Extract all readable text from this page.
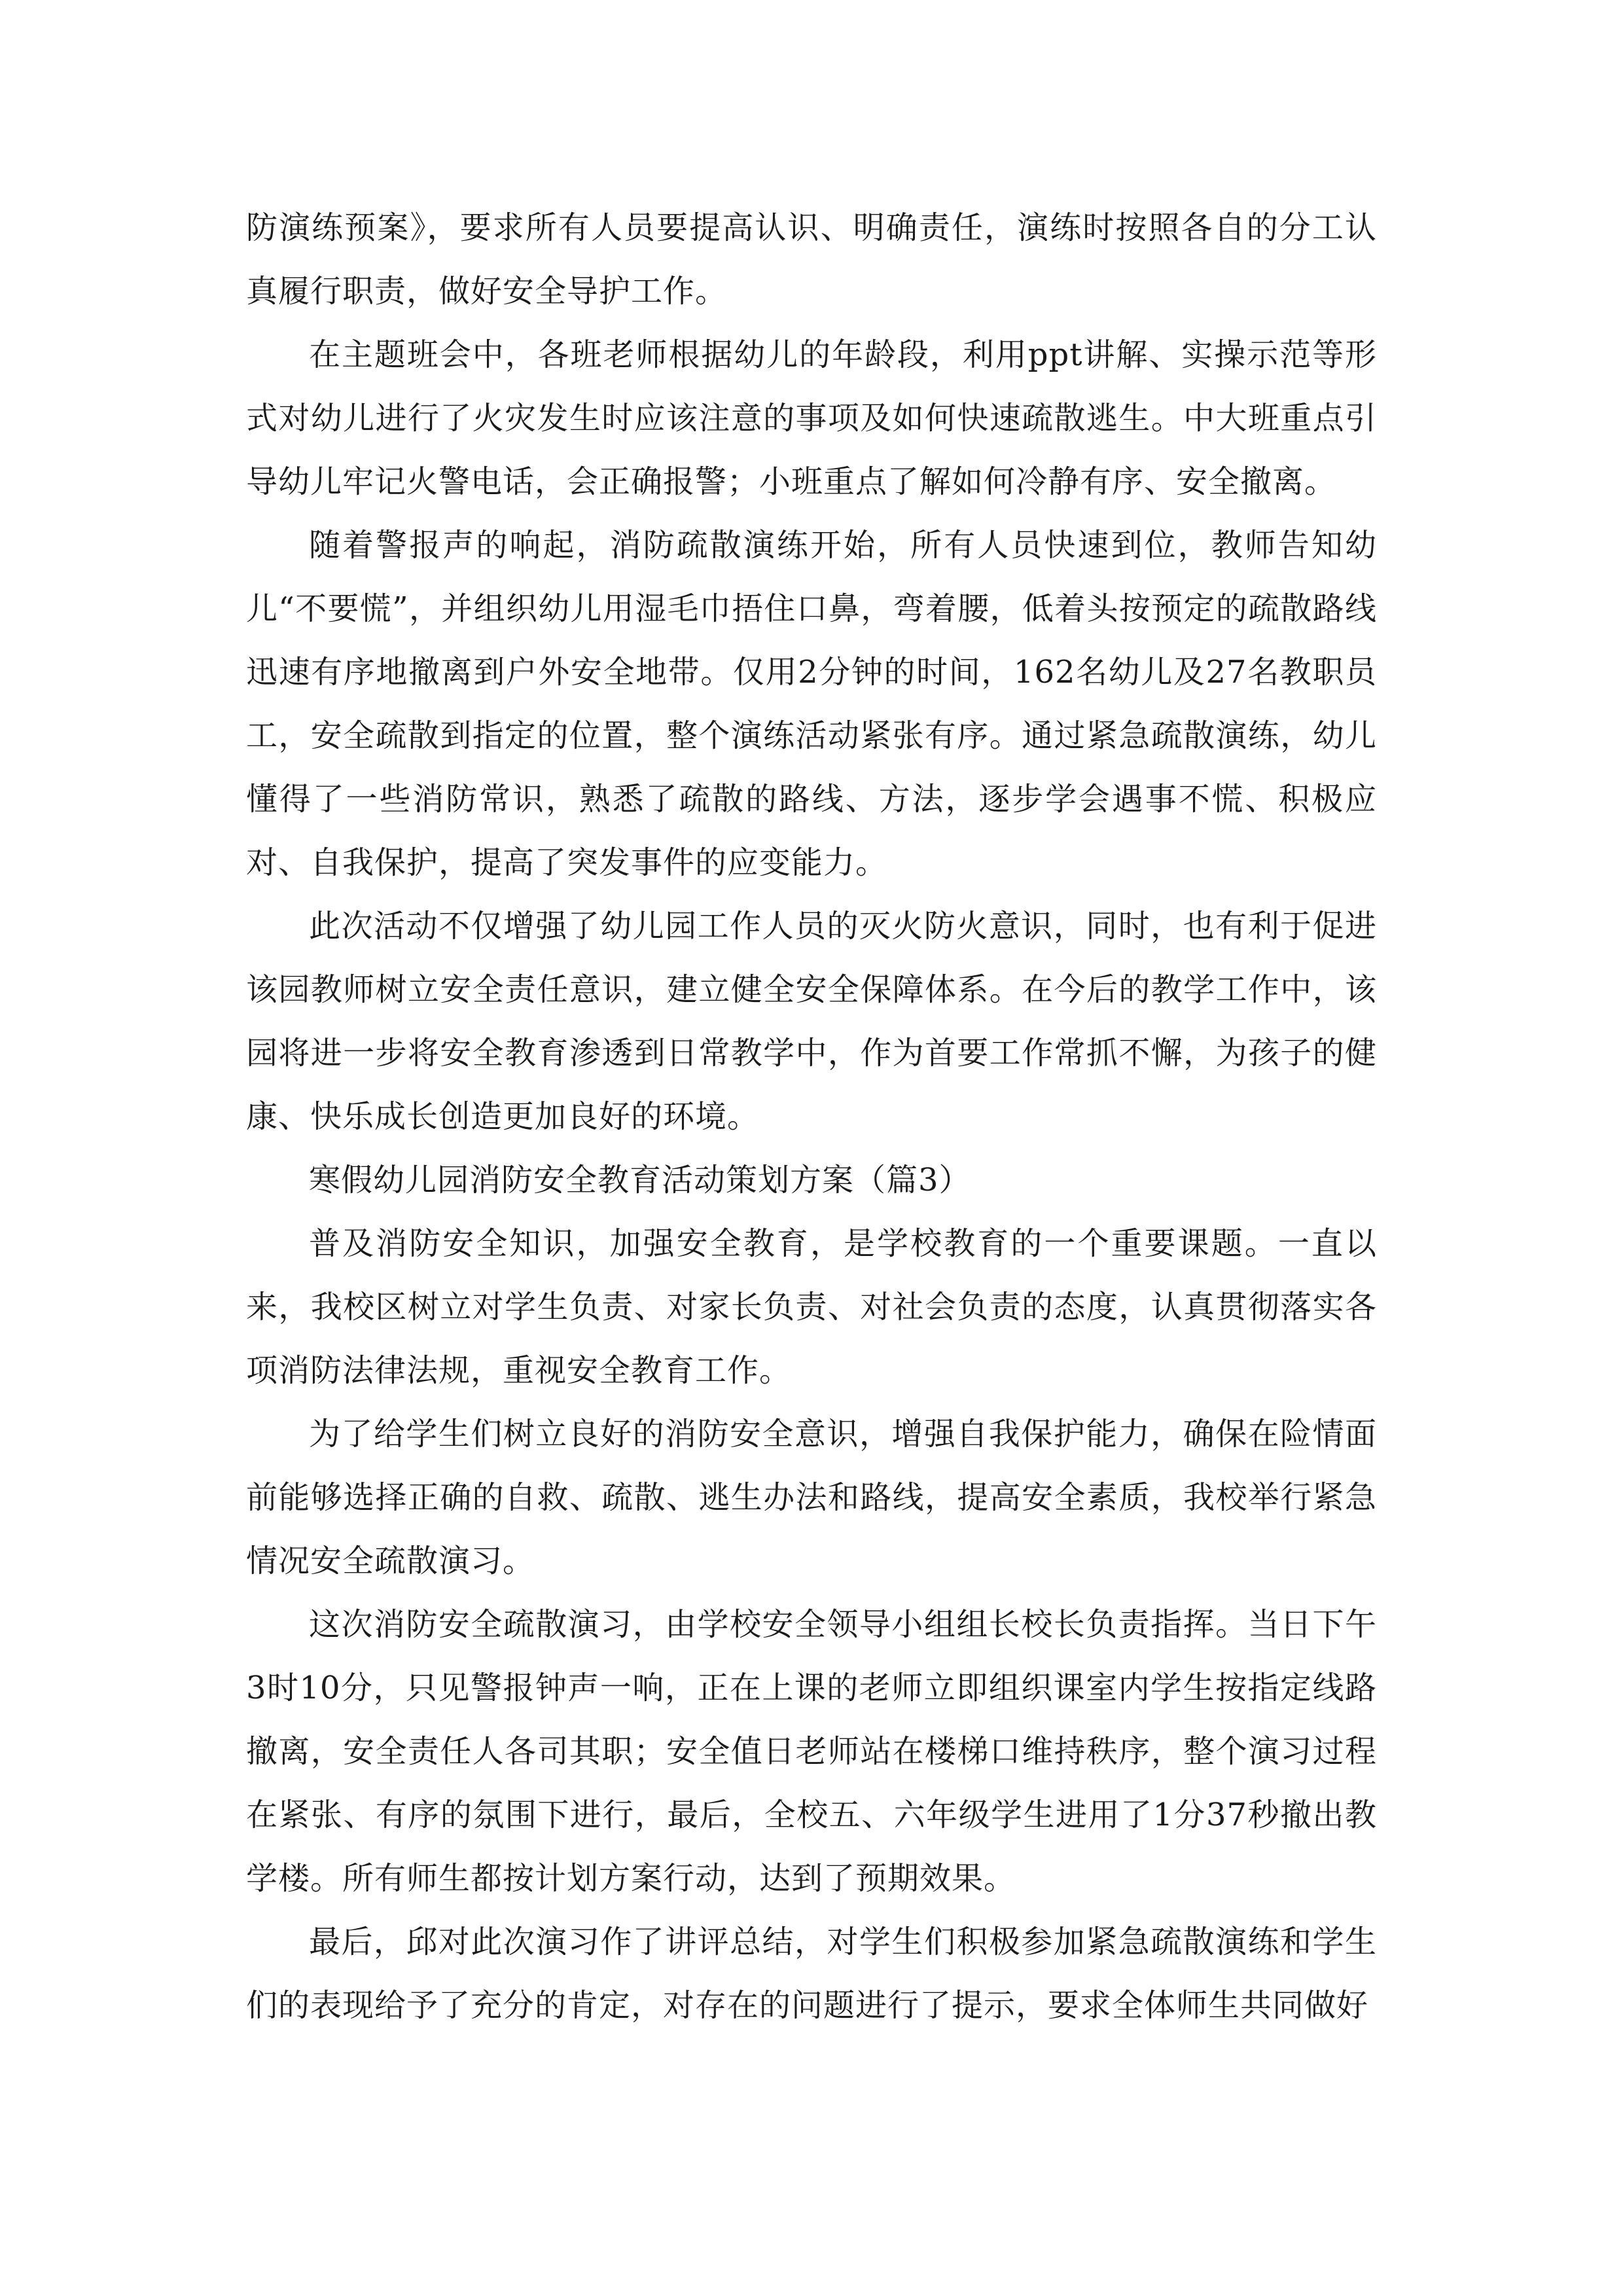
防演练预案》，要求所有人员要提高认识、明确责任，演练时按照各自的分工认真履行职责，做好安全导护工作。

在主题班会中，各班老师根据幼儿的年龄段，利用ppt讲解、实操示范等形式对幼儿进行了火灾发生时应该注意的事项及如何快速疏散逃生。中大班重点引导幼儿牢记火警电话，会正确报警；小班重点了解如何冷静有序、安全撤离。

随着警报声的响起，消防疏散演练开始，所有人员快速到位，教师告知幼儿“不要慌”，并组织幼儿用湿毛巾捂住口鼻，弯着腰，低着头按预定的疏散路线迅速有序地撤离到户外安全地带。仅用2分钟的时间，162名幼儿及27名教职员工，安全疏散到指定的位置，整个演练活动紧张有序。通过紧急疏散演练，幼儿懂得了一些消防常识，熟悉了疏散的路线、方法，逐步学会遇事不慌、积极应对、自我保护，提高了突发事件的应变能力。

此次活动不仅增强了幼儿园工作人员的灭火防火意识，同时，也有利于促进该园教师树立安全责任意识，建立健全安全保障体系。在今后的教学工作中，该园将进一步将安全教育渗透到日常教学中，作为首要工作常抓不懈，为孩子的健康、快乐成长创造更加良好的环境。

寒假幼儿园消防安全教育活动策划方案（篇3）

普及消防安全知识，加强安全教育，是学校教育的一个重要课题。一直以来，我校区树立对学生负责、对家长负责、对社会负责的态度，认真贯彻落实各项消防法律法规，重视安全教育工作。

为了给学生们树立良好的消防安全意识，增强自我保护能力，确保在险情面前能够选择正确的自救、疏散、逃生办法和路线，提高安全素质，我校举行紧急情况安全疏散演习。

这次消防安全疏散演习，由学校安全领导小组组长校长负责指挥。当日下午3时10分，只见警报钟声一响，正在上课的老师立即组织课室内学生按指定线路撤离，安全责任人各司其职；安全值日老师站在楼梯口维持秩序，整个演习过程在紧张、有序的氛围下进行，最后，全校五、六年级学生进用了1分37秒撤出教学楼。所有师生都按计划方案行动，达到了预期效果。

最后，邱对此次演习作了讲评总结，对学生们积极参加紧急疏散演练和学生们的表现给予了充分的肯定，对存在的问题进行了提示，要求全体师生共同做好
